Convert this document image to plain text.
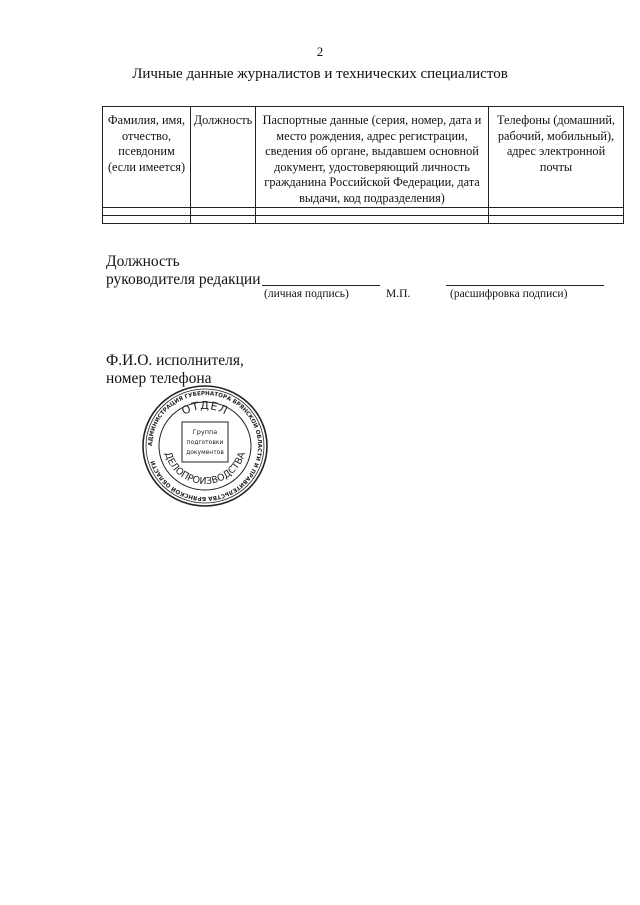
2
Личные данные журналистов и технических специалистов
Фамилия, имя, отчество, псевдоним (если имеется)	Должность	Паспортные данные (серия, номер, дата и место рождения, адрес регистрации, сведения об органе, выдавшем основной документ, удостоверяющий личность гражданина Российской Федерации, дата выдачи, код подразделения)	Телефоны (домашний, рабочий, мобильный), адрес электронной почты

Должность
руководителя редакции
(личная подпись)	М.П.	(расшифровка подписи)
Ф.И.О. исполнителя,
номер телефона
АДМИНИСТРАЦИЯ ГУБЕРНАТОРА БРЯНСКОЙ ОБЛАСТИ И ПРАВИТЕЛЬСТВА БРЯНСКОЙ ОБЛАСТИ
ОТДЕЛ
ДЕЛОПРОИЗВОДСТВА
Группа
подготовки
документов
